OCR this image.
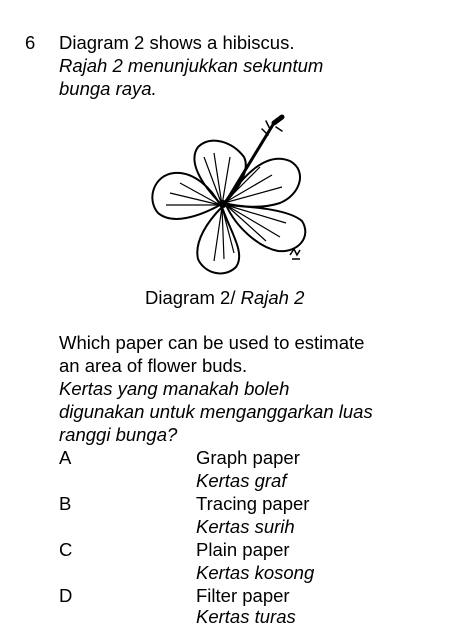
6 Diagram 2 shows a hibiscus.
Rajah 2 menunjukkan sekuntum
bunga raya.
Diagram 2/ Rajah 2
Which paper can be used to estimate
an area of flower buds.
Kertas yang manakah boleh
digunakan untuk menganggarkan luas
ranggi bunga?
A	Graph paper
Kertas graf
B	Tracing paper
Kertas surih
C	Plain paper
Kertas kosong
D	Filter paper
Kertas turas
